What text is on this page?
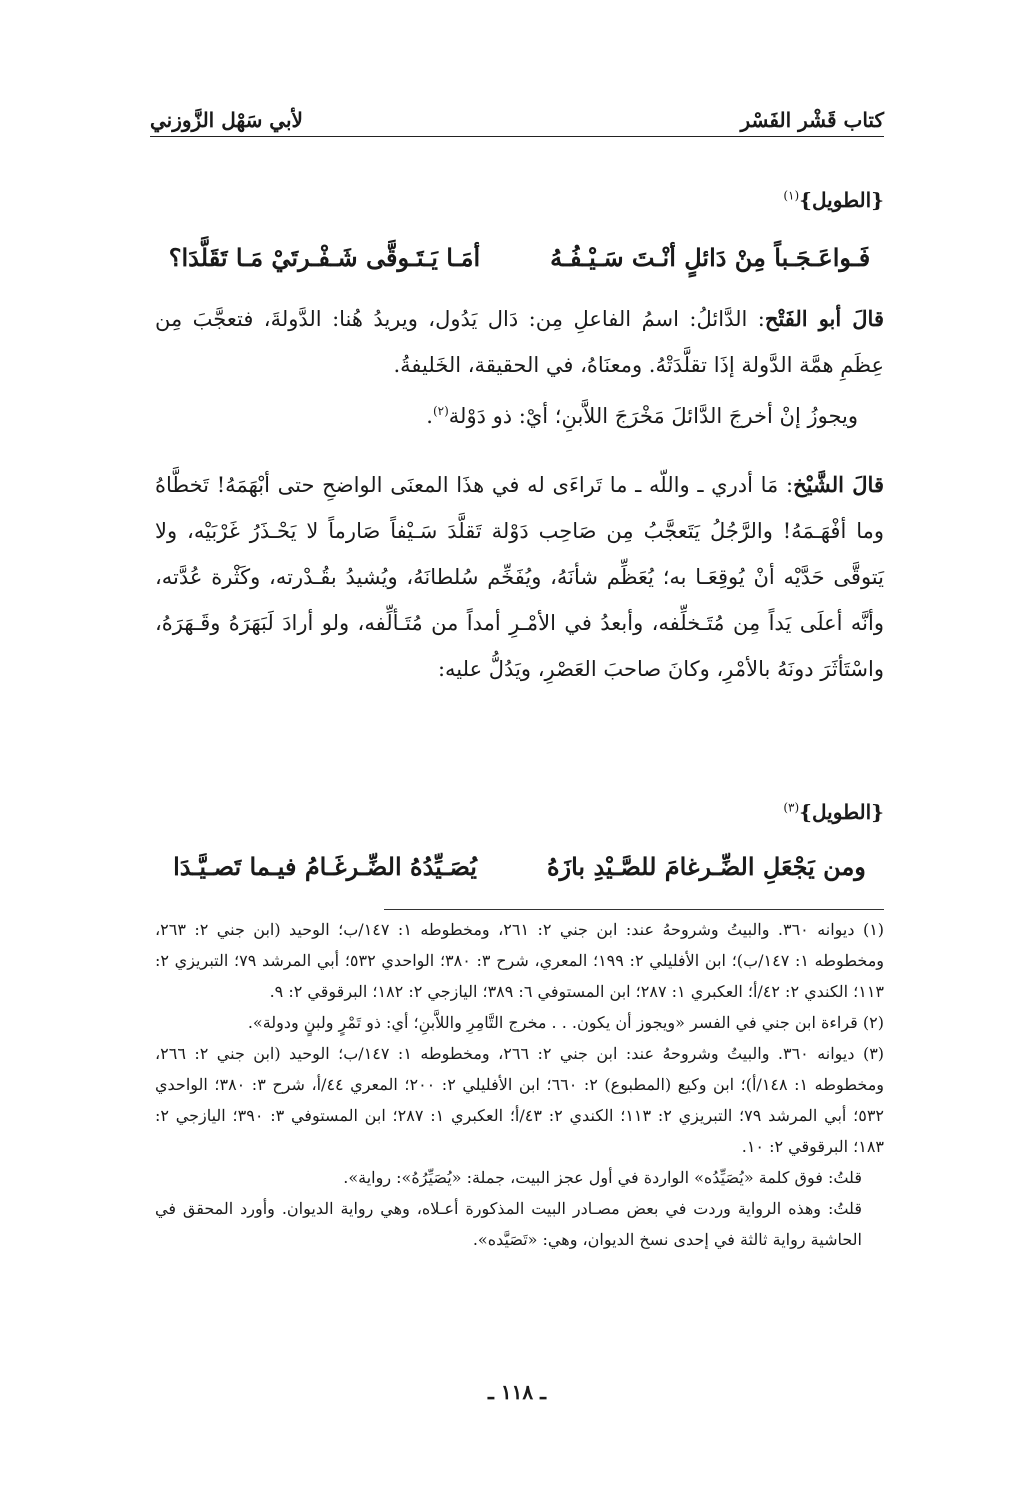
كتاب قَشْر الفَسْر
لأبي سَهْل الزَّوزني
{الطويل}$^{(١)}$
فَـواعَـجَـباً مِنْ دَائلٍ أنْـتَ سَـيْـفُـهُ
أمَـا يَـتَـوقَّى شَـفْـرتَيْ مَـا تَقَلَّدَا؟

قالَ أبو الفَتْح: الدَّائلُ: اسمُ الفاعلِ مِن: دَال يَدُول، ويريدُ هُنا: الدَّولةَ، فتعجَّبَ مِن عِظَمِ همَّة الدَّولة إذَا تقلَّدَتْهُ. ومعنَاهُ، في الحقيقة، الخَليفةُ.

ويجوزُ إنْ أخرجَ الدَّائلَ مَخْرَجَ اللاَّبنِ؛ أيْ: ذو دَوْلة$^{(٢)}$.

قالَ الشَّيْخ: مَا أدري ـ واللّه ـ ما تَراءَى له في هذَا المعنَى الواضحِ حتى أبْهَمَهُ! تَخطَّاهُ وما أفْهَـمَهُ! والرَّجُلُ يَتَعجَّبُ مِن صَاحِب دَوْلة تَقلَّدَ سَـيْفاً صَارماً لا يَحْـذَرُ غَرْبَيْه، ولا يَتوقَّى حَدَّيْه أنْ يُوقِعَـا به؛ يُعَظِّم شأنَهُ، ويُفَخِّم سُلطانَهُ، ويُشيدُ بقُـدْرته، وكَثْرة عُدَّته، وأنَّه أعلَى يَداً مِن مُتَـخلِّفه، وأبعدُ في الأمْـرِ أمداً من مُتَـألِّفه، ولو أرادَ لَبَهَرَهُ وقَـهَرَهُ، واسْتَأثَرَ دونَهُ بالأمْرِ، وكانَ صاحبَ العَصْرِ، ويَدُلُّ عليه:

{الطويل}$^{(٣)}$
ومن يَجْعَلِ الضِّـرغامَ للصَّـيْدِ بازَهُ
يُصَـيِّدُهُ الضِّـرغَـامُ فيـما تَصـيَّـدَا

(١) ديوانه ٣٦٠. والبيتُ وشروحهُ عند: ابن جني ٢: ٢٦١، ومخطوطه ١: ١٤٧/ب؛ الوحيد (ابن جني ٢: ٢٦٣، ومخطوطه ١: ١٤٧/ب)؛ ابن الأفليلي ٢: ١٩٩؛ المعري، شرح ٣: ٣٨٠؛ الواحدي ٥٣٢؛ أبي المرشد ٧٩؛ التبريزي ٢: ١١٣؛ الكندي ٢: ٤٢/أ؛ العكبري ١: ٢٨٧؛ ابن المستوفي ٦: ٣٨٩؛ اليازجي ٢: ١٨٢؛ البرقوقي ٢: ٩.

(٢) قراءة ابن جني في الفسر «ويجوز أن يكون. . . مخرج التَّامِرِ واللاَّبنِ؛ أي: ذو تَمْرٍ ولبنٍ ودولة».

(٣) ديوانه ٣٦٠. والبيتُ وشروحهُ عند: ابن جني ٢: ٢٦٦، ومخطوطه ١: ١٤٧/ب؛ الوحيد (ابن جني ٢: ٢٦٦، ومخطوطه ١: ١٤٨/أ)؛ ابن وكيع (المطبوع) ٢: ٦٦٠؛ ابن الأفليلي ٢: ٢٠٠؛ المعري ٤٤/أ، شرح ٣: ٣٨٠؛ الواحدي ٥٣٢؛ أبي المرشد ٧٩؛ التبريزي ٢: ١١٣؛ الكندي ٢: ٤٣/أ؛ العكبري ١: ٢٨٧؛ ابن المستوفي ٣: ٣٩٠؛ اليازجي ٢: ١٨٣؛ البرقوقي ٢: ١٠.

قلتُ: فوق كلمة «يُصَيِّدُه» الواردة في أول عجز البيت، جملة: «يُصَيِّرُهُ»: رواية».

قلتُ: وهذه الرواية وردت في بعض مصـادر البيت المذكورة أعـلاه، وهي رواية الديوان. وأورد المحقق في الحاشية رواية ثالثة في إحدى نسخ الديوان، وهي: «تَصَيَّده».

ـ ١١٨ ـ
